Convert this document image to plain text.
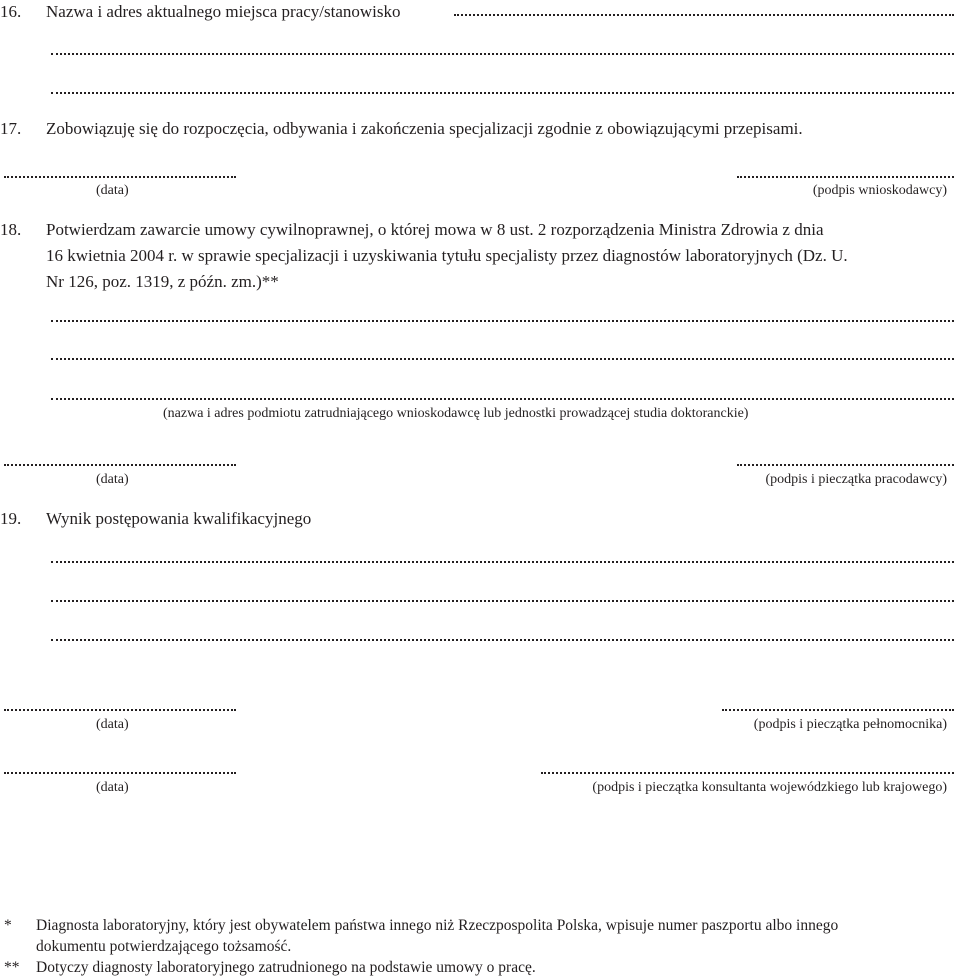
16. Nazwa i adres aktualnego miejsca pracy/stanowisko
17. Zobowiązuję się do rozpoczęcia, odbywania i zakończenia specjalizacji zgodnie z obowiązującymi przepisami.
(data)	(podpis wnioskodawcy)
18. Potwierdzam zawarcie umowy cywilnoprawnej, o której mowa w 8 ust. 2 rozporządzenia Ministra Zdrowia z dnia
16 kwietnia 2004 r. w sprawie specjalizacji i uzyskiwania tytułu specjalisty przez diagnostów laboratoryjnych (Dz. U.
Nr 126, poz. 1319, z późn. zm.)**
(nazwa i adres podmiotu zatrudniającego wnioskodawcę lub jednostki prowadzącej studia doktoranckie)
(data)	(podpis i pieczątka pracodawcy)
19. Wynik postępowania kwalifikacyjnego
(data)	(podpis i pieczątka pełnomocnika)
(data)	(podpis i pieczątka konsultanta wojewódzkiego lub krajowego)
* Diagnosta laboratoryjny, który jest obywatelem państwa innego niż Rzeczpospolita Polska, wpisuje numer paszportu albo innego
dokumentu potwierdzającego tożsamość.
** Dotyczy diagnosty laboratoryjnego zatrudnionego na podstawie umowy o pracę.
